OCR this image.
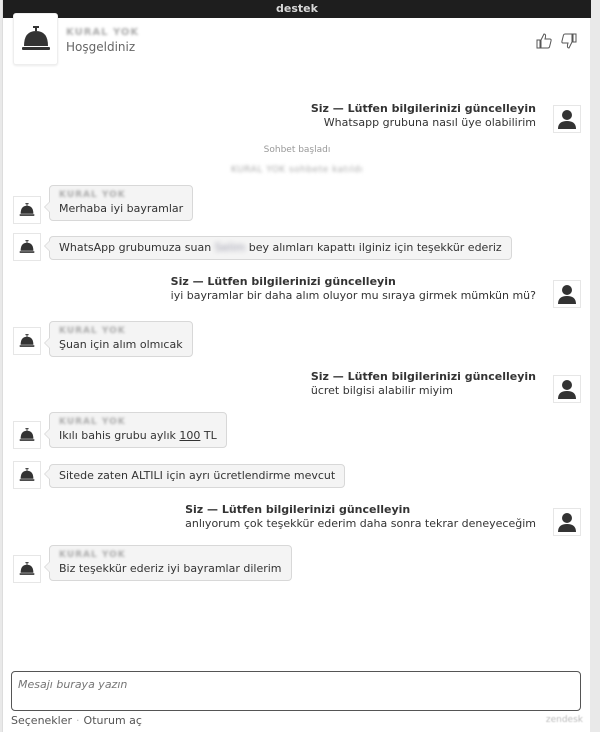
destek
KURAL YOK
Hoşgeldiniz
Siz — Lütfen bilgilerinizi güncelleyin
Whatsapp grubuna nasıl üye olabilirim
Sohbet başladı
KURAL YOK sohbete katıldı
KURAL YOK
Merhaba iyi bayramlar
WhatsApp grubumuza suan Selim bey alımları kapattı ilginiz için teşekkür ederiz
Siz — Lütfen bilgilerinizi güncelleyin
iyi bayramlar bir daha alım oluyor mu sıraya girmek mümkün mü?
KURAL YOK
Şuan için alım olmıcak
Siz — Lütfen bilgilerinizi güncelleyin
ücret bilgisi alabilir miyim
KURAL YOK
Ikılı bahis grubu aylık 100 TL
Sitede zaten ALTILI için ayrı ücretlendirme mevcut
Siz — Lütfen bilgilerinizi güncelleyin
anlıyorum çok teşekkür ederim daha sonra tekrar deneyeceğim
KURAL YOK
Biz teşekkür ederiz iyi bayramlar dilerim
Mesajı buraya yazın
Seçenekler · Oturum aç	zendesk
